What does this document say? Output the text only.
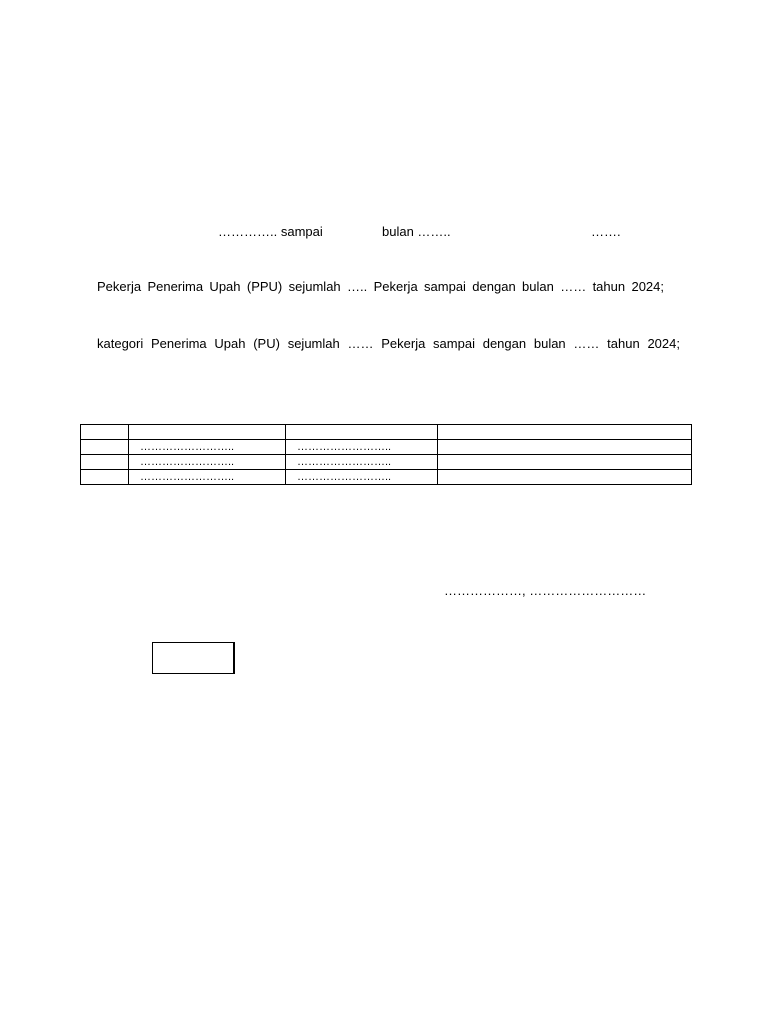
………….. sampai	bulan ……..	…….
Pekerja Penerima Upah (PPU) sejumlah ….. Pekerja sampai dengan bulan …… tahun 2024;
kategori Penerima Upah (PU) sejumlah …… Pekerja sampai dengan bulan …… tahun 2024;

	……………………..	……………………..	
	……………………..	……………………..	
	……………………..	……………………..	
………………, ………………………
